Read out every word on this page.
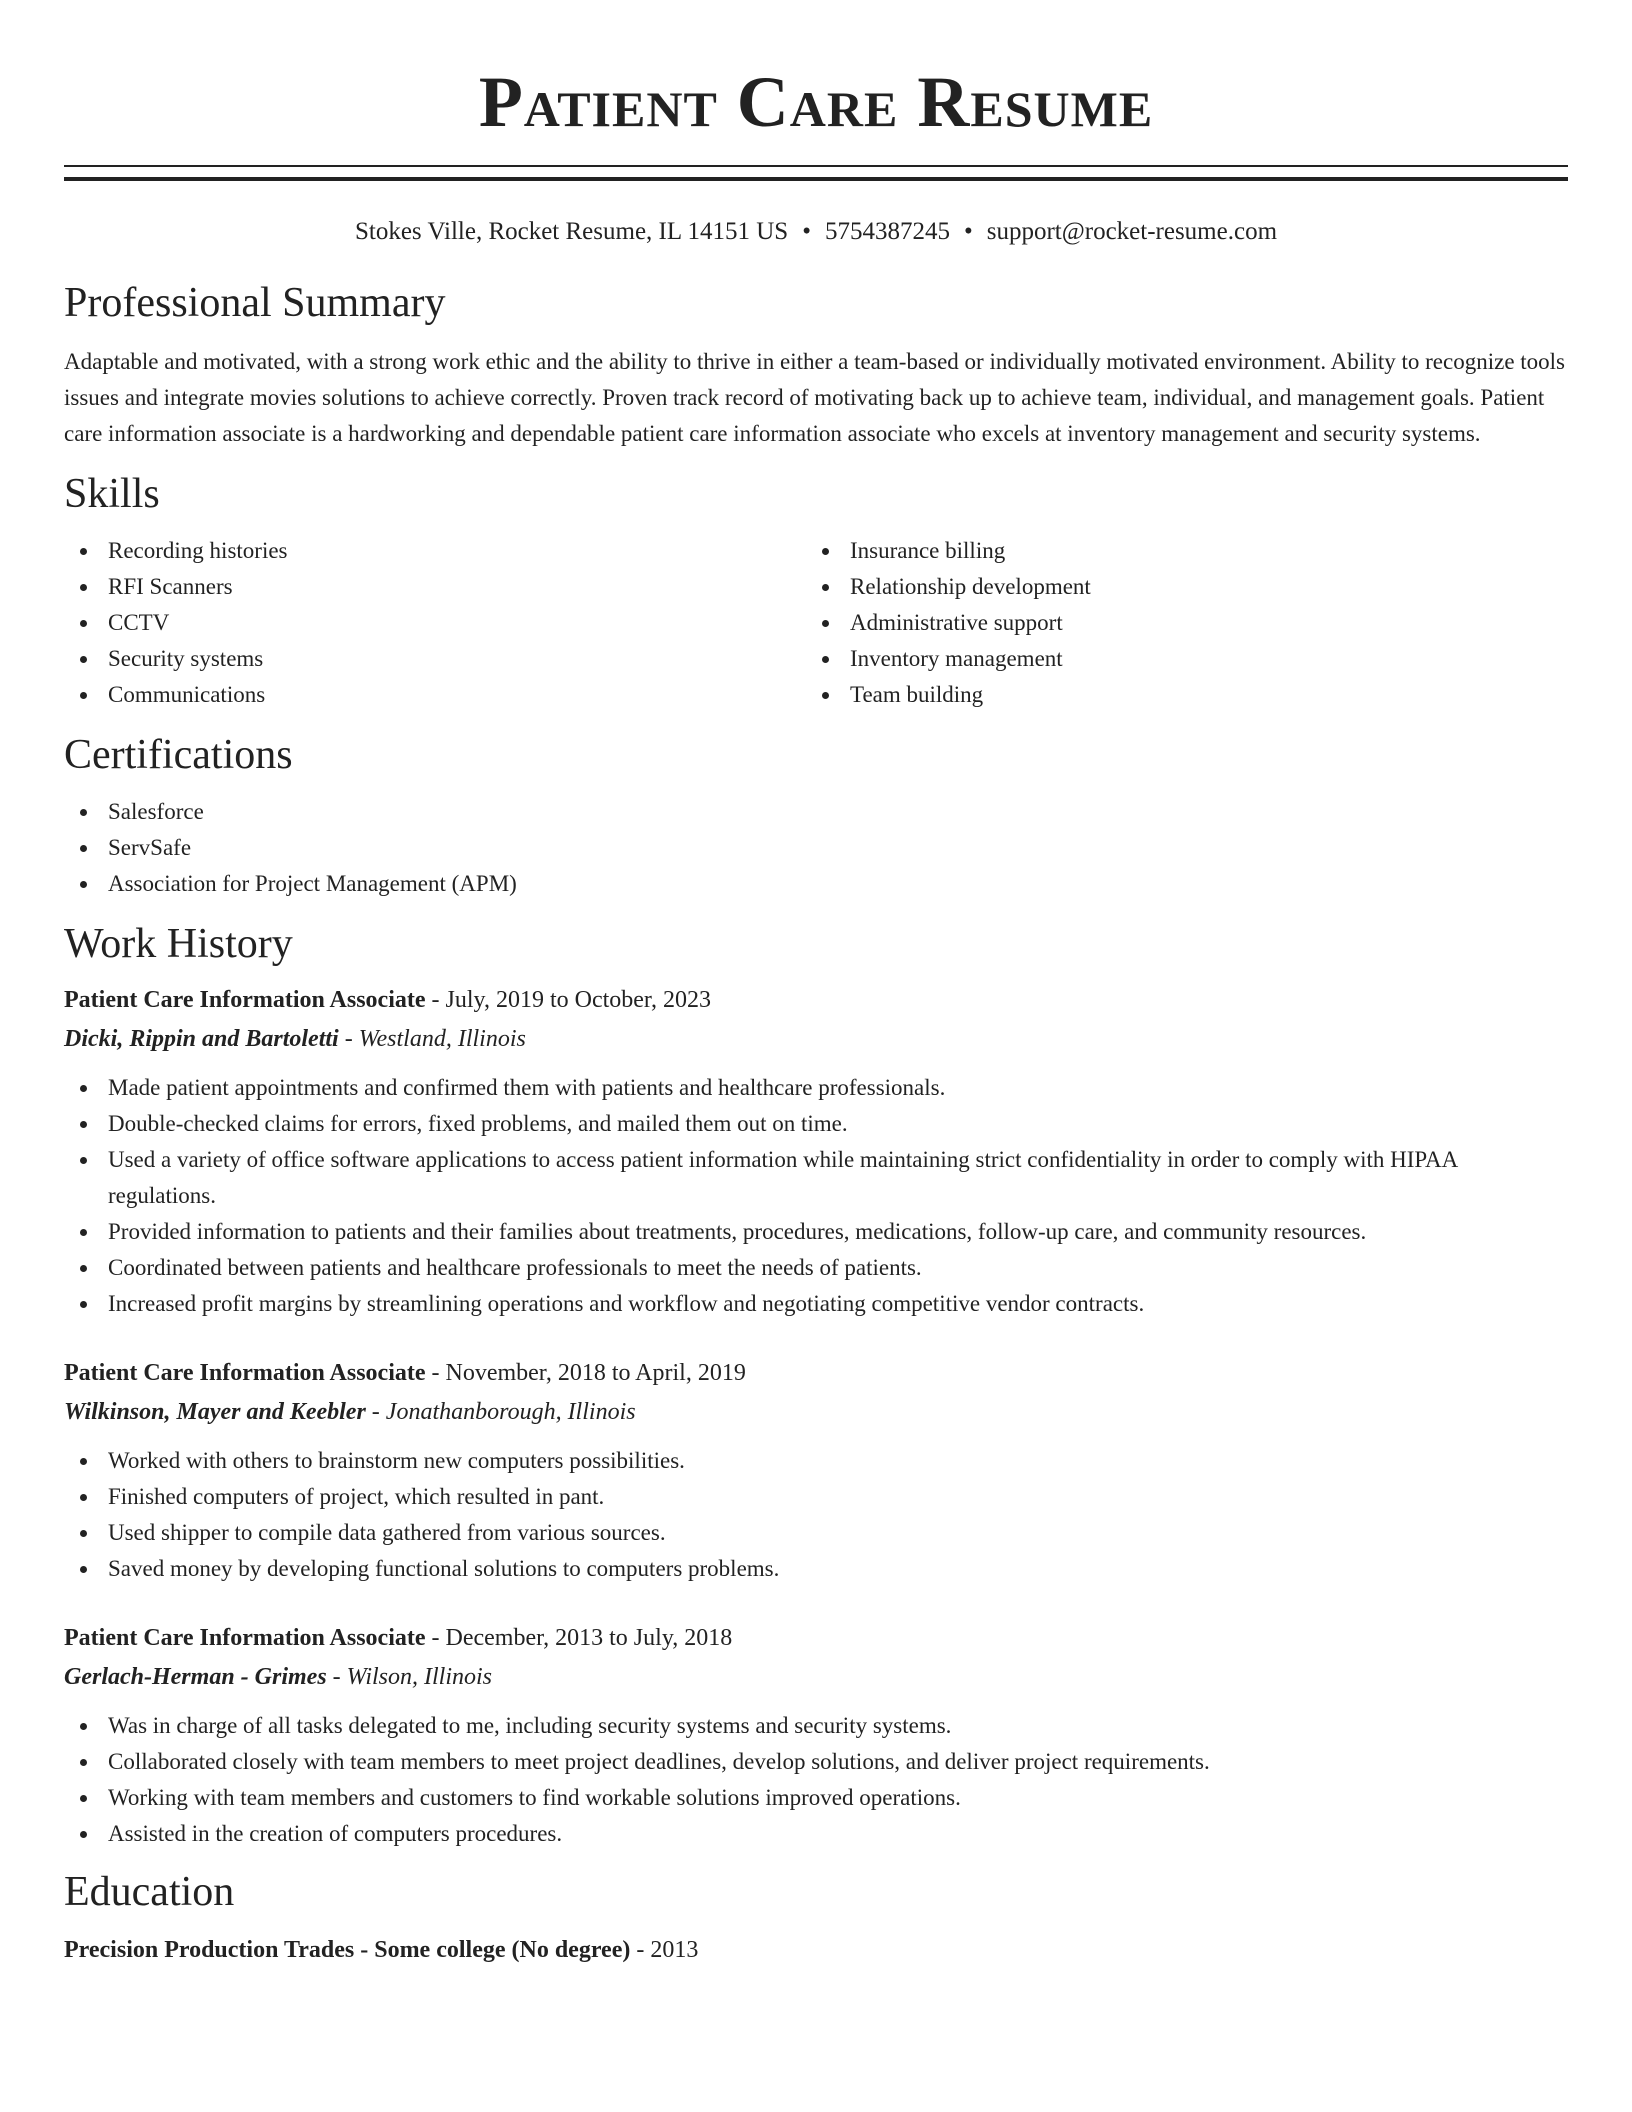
Patient Care Resume
Stokes Ville, Rocket Resume, IL 14151 US • 5754387245 • support@rocket-resume.com
Professional Summary

Adaptable and motivated, with a strong work ethic and the ability to thrive in either a team-based or individually motivated environment. Ability to recognize tools issues and integrate movies solutions to achieve correctly. Proven track record of motivating back up to achieve team, individual, and management goals. Patient care information associate is a hardworking and dependable patient care information associate who excels at inventory management and security systems.

Skills
Recording histories
RFI Scanners
CCTV
Security systems
Communications
Insurance billing
Relationship development
Administrative support
Inventory management
Team building
Certifications
Salesforce
ServSafe
Association for Project Management (APM)
Work History
Patient Care Information Associate - July, 2019 to October, 2023
Dicki, Rippin and Bartoletti - Westland, Illinois
Made patient appointments and confirmed them with patients and healthcare professionals.
Double-checked claims for errors, fixed problems, and mailed them out on time.
Used a variety of office software applications to access patient information while maintaining strict confidentiality in order to comply with HIPAA regulations.
Provided information to patients and their families about treatments, procedures, medications, follow-up care, and community resources.
Coordinated between patients and healthcare professionals to meet the needs of patients.
Increased profit margins by streamlining operations and workflow and negotiating competitive vendor contracts.
Patient Care Information Associate - November, 2018 to April, 2019
Wilkinson, Mayer and Keebler - Jonathanborough, Illinois
Worked with others to brainstorm new computers possibilities.
Finished computers of project, which resulted in pant.
Used shipper to compile data gathered from various sources.
Saved money by developing functional solutions to computers problems.
Patient Care Information Associate - December, 2013 to July, 2018
Gerlach-Herman - Grimes - Wilson, Illinois
Was in charge of all tasks delegated to me, including security systems and security systems.
Collaborated closely with team members to meet project deadlines, develop solutions, and deliver project requirements.
Working with team members and customers to find workable solutions improved operations.
Assisted in the creation of computers procedures.
Education
Precision Production Trades - Some college (No degree) - 2013
